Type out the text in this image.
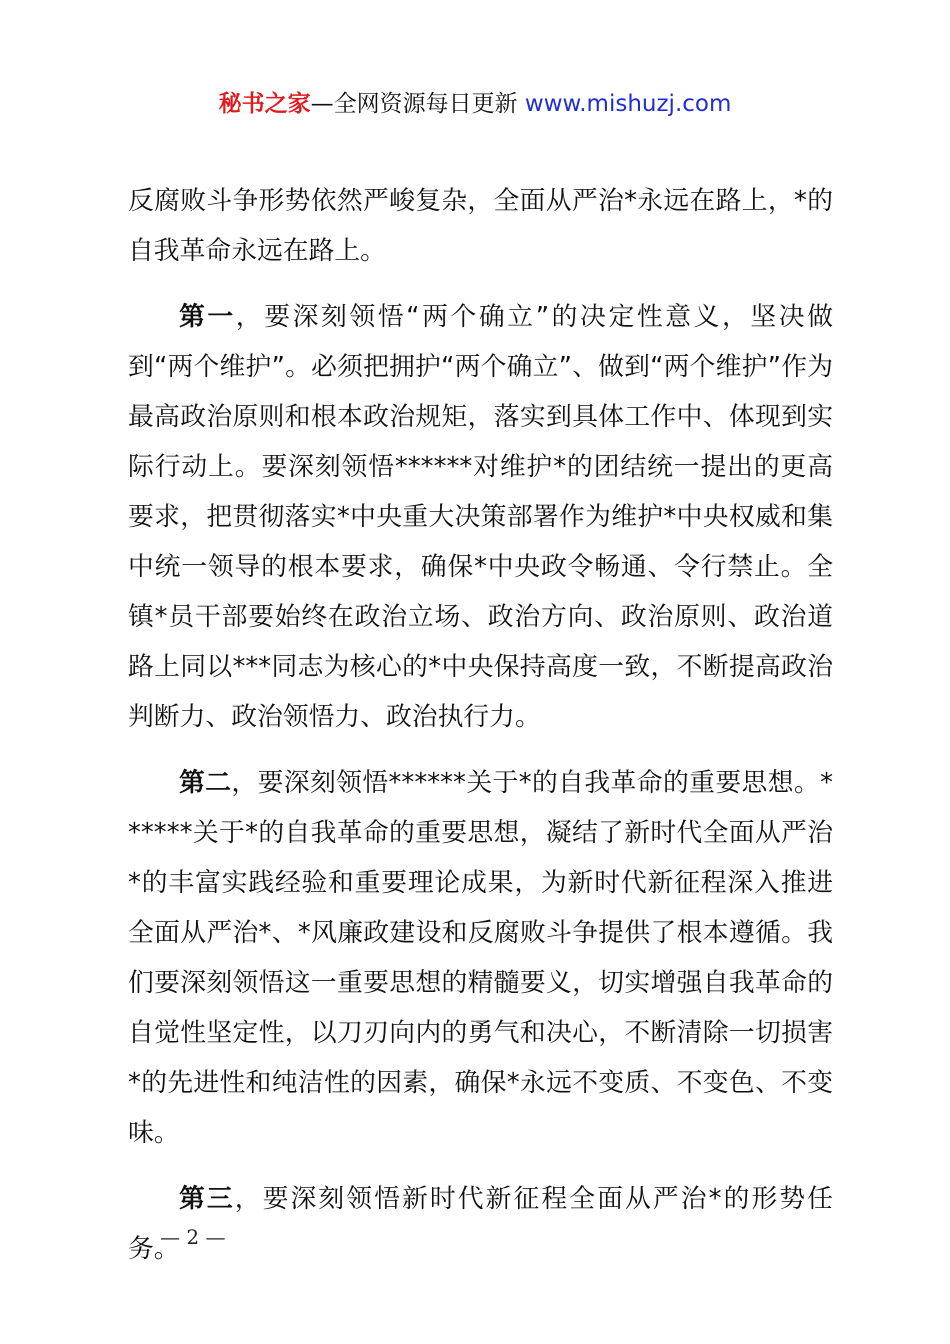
秘书之家—全网资源每日更新 www.mishuzj.com

反腐败斗争形势依然严峻复杂，全面从严治*永远在路上，*的自我革命永远在路上。

第一，要深刻领悟“两个确立”的决定性意义，坚决做到“两个维护”。必须把拥护“两个确立”、做到“两个维护”作为最高政治原则和根本政治规矩，落实到具体工作中、体现到实际行动上。要深刻领悟******对维护*的团结统一提出的更高要求，把贯彻落实*中央重大决策部署作为维护*中央权威和集中统一领导的根本要求，确保*中央政令畅通、令行禁止。全镇*员干部要始终在政治立场、政治方向、政治原则、政治道路上同以***同志为核心的*中央保持高度一致，不断提高政治判断力、政治领悟力、政治执行力。

第二，要深刻领悟******关于*的自我革命的重要思想。******关于*的自我革命的重要思想，凝结了新时代全面从严治*的丰富实践经验和重要理论成果，为新时代新征程深入推进全面从严治*、*风廉政建设和反腐败斗争提供了根本遵循。我们要深刻领悟这一重要思想的精髓要义，切实增强自我革命的自觉性坚定性，以刀刃向内的勇气和决心，不断清除一切损害*的先进性和纯洁性的因素，确保*永远不变质、不变色、不变味。

第三，要深刻领悟新时代新征程全面从严治*的形势任务。

— 2 —
